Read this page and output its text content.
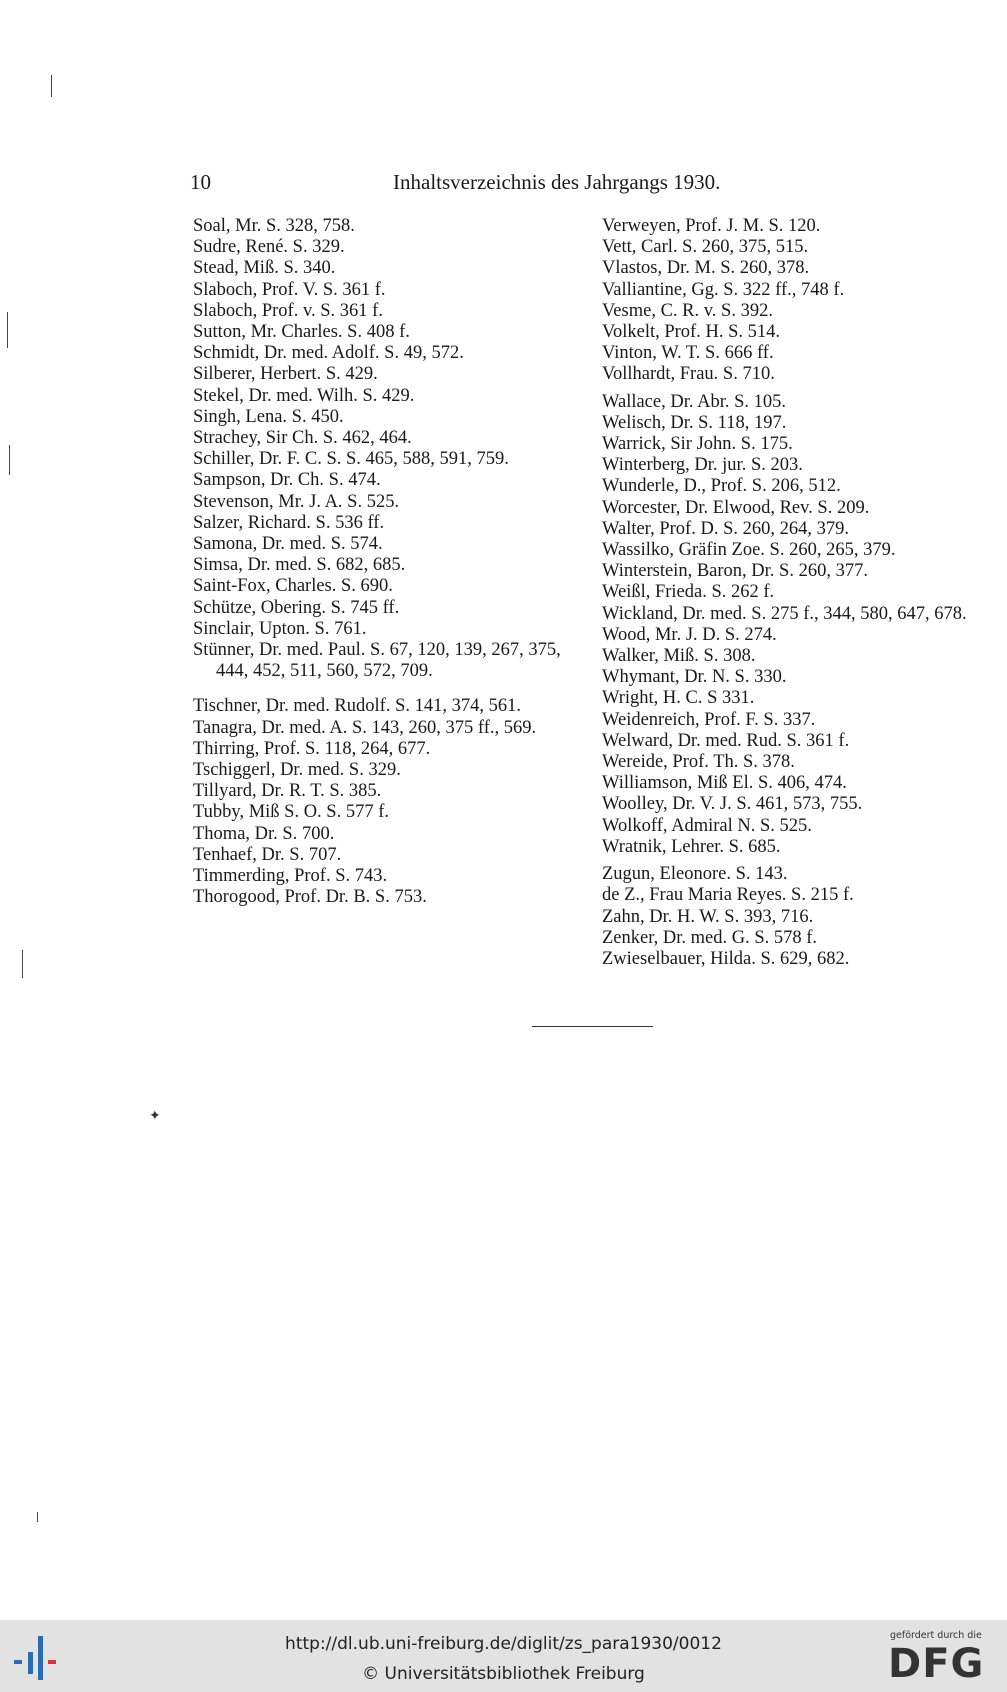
10	Inhaltsverzeichnis des Jahrgangs 1930.
Soal, Mr. S. 328, 758.
Sudre, René. S. 329.
Stead, Miß. S. 340.
Slaboch, Prof. V. S. 361 f.
Slaboch, Prof. v. S. 361 f.
Sutton, Mr. Charles. S. 408 f.
Schmidt, Dr. med. Adolf. S. 49, 572.
Silberer, Herbert. S. 429.
Stekel, Dr. med. Wilh. S. 429.
Singh, Lena. S. 450.
Strachey, Sir Ch. S. 462, 464.
Schiller, Dr. F. C. S. S. 465, 588, 591, 759.
Sampson, Dr. Ch. S. 474.
Stevenson, Mr. J. A. S. 525.
Salzer, Richard. S. 536 ff.
Samona, Dr. med. S. 574.
Simsa, Dr. med. S. 682, 685.
Saint-Fox, Charles. S. 690.
Schütze, Obering. S. 745 ff.
Sinclair, Upton. S. 761.
Stünner, Dr. med. Paul. S. 67, 120, 139, 267, 375, 444, 452, 511, 560, 572, 709.
Tischner, Dr. med. Rudolf. S. 141, 374, 561.
Tanagra, Dr. med. A. S. 143, 260, 375 ff., 569.
Thirring, Prof. S. 118, 264, 677.
Tschiggerl, Dr. med. S. 329.
Tillyard, Dr. R. T. S. 385.
Tubby, Miß S. O. S. 577 f.
Thoma, Dr. S. 700.
Tenhaef, Dr. S. 707.
Timmerding, Prof. S. 743.
Thorogood, Prof. Dr. B. S. 753.
Verweyen, Prof. J. M. S. 120.
Vett, Carl. S. 260, 375, 515.
Vlastos, Dr. M. S. 260, 378.
Valliantine, Gg. S. 322 ff., 748 f.
Vesme, C. R. v. S. 392.
Volkelt, Prof. H. S. 514.
Vinton, W. T. S. 666 ff.
Vollhardt, Frau. S. 710.
Wallace, Dr. Abr. S. 105.
Welisch, Dr. S. 118, 197.
Warrick, Sir John. S. 175.
Winterberg, Dr. jur. S. 203.
Wunderle, D., Prof. S. 206, 512.
Worcester, Dr. Elwood, Rev. S. 209.
Walter, Prof. D. S. 260, 264, 379.
Wassilko, Gräfin Zoe. S. 260, 265, 379.
Winterstein, Baron, Dr. S. 260, 377.
Weißl, Frieda. S. 262 f.
Wickland, Dr. med. S. 275 f., 344, 580, 647, 678.
Wood, Mr. J. D. S. 274.
Walker, Miß. S. 308.
Whymant, Dr. N. S. 330.
Wright, H. C. S 331.
Weidenreich, Prof. F. S. 337.
Welward, Dr. med. Rud. S. 361 f.
Wereide, Prof. Th. S. 378.
Williamson, Miß El. S. 406, 474.
Woolley, Dr. V. J. S. 461, 573, 755.
Wolkoff, Admiral N. S. 525.
Wratnik, Lehrer. S. 685.
Zugun, Eleonore. S. 143.
de Z., Frau Maria Reyes. S. 215 f.
Zahn, Dr. H. W. S. 393, 716.
Zenker, Dr. med. G. S. 578 f.
Zwieselbauer, Hilda. S. 629, 682.
✦
http://dl.ub.uni-freiburg.de/diglit/zs_para1930/0012
© Universitätsbibliothek Freiburg
gefördert durch die
DFG
